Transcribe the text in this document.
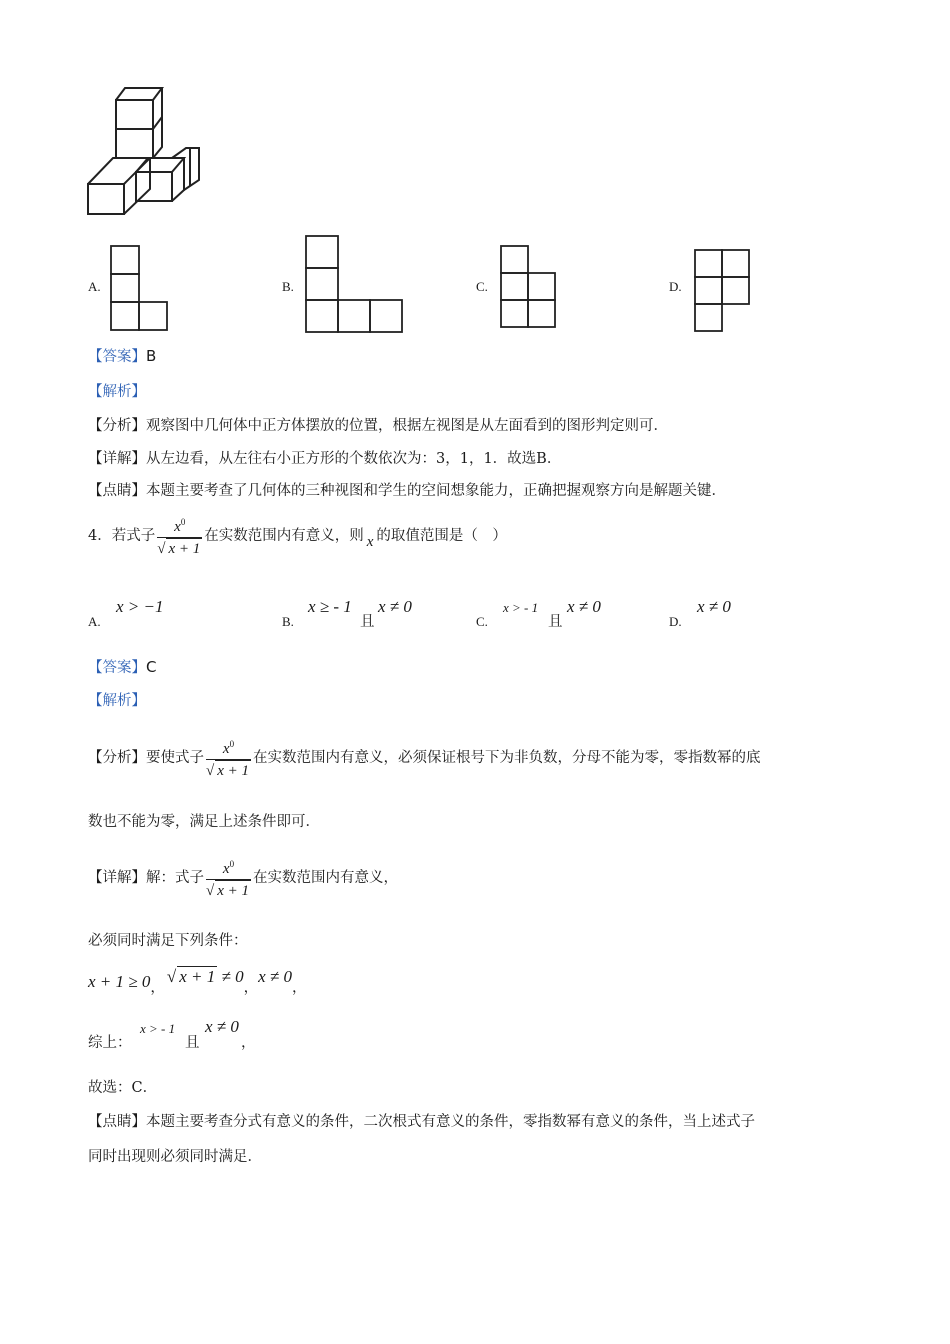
A.	B.	C.	D.
【答案】B
【解析】
【分析】观察图中几何体中正方体摆放的位置，根据左视图是从左面看到的图形判定则可．
【详解】从左边看，从左往右小正方形的个数依次为：3，1，1．故选B．
【点睛】本题主要考查了几何体的三种视图和学生的空间想象能力，正确把握观察方向是解题关键．
4．若式子 $\frac{x^0}{√ x + 1}$ 在实数范围内有意义，则 x 的取值范围是（　）
A.
x > −1
B.
x ≥ - 1
且
x ≠ 0
C.
x > - 1
且
x ≠ 0
D.
x ≠ 0
【答案】C
【解析】
【分析】 要使式子 $\frac{x^0}{√ x + 1}$ 在实数范围内有意义，必须保证根号下为非负数，分母不能为零，零指数幂的底
数也不能为零，满足上述条件即可．
【详解】 解：式子 $\frac{x^0}{√ x + 1}$ 在实数范围内有意义，
必须同时满足下列条件：
x + 1 ≥ 0 ，
√ x + 1 ≠ 0
，
x ≠ 0
，
综上：
x > - 1
且
x ≠ 0
，
故选：C．
【点睛】本题主要考查分式有意义的条件，二次根式有意义的条件，零指数幂有意义的条件，当上述式子
同时出现则必须同时满足．
